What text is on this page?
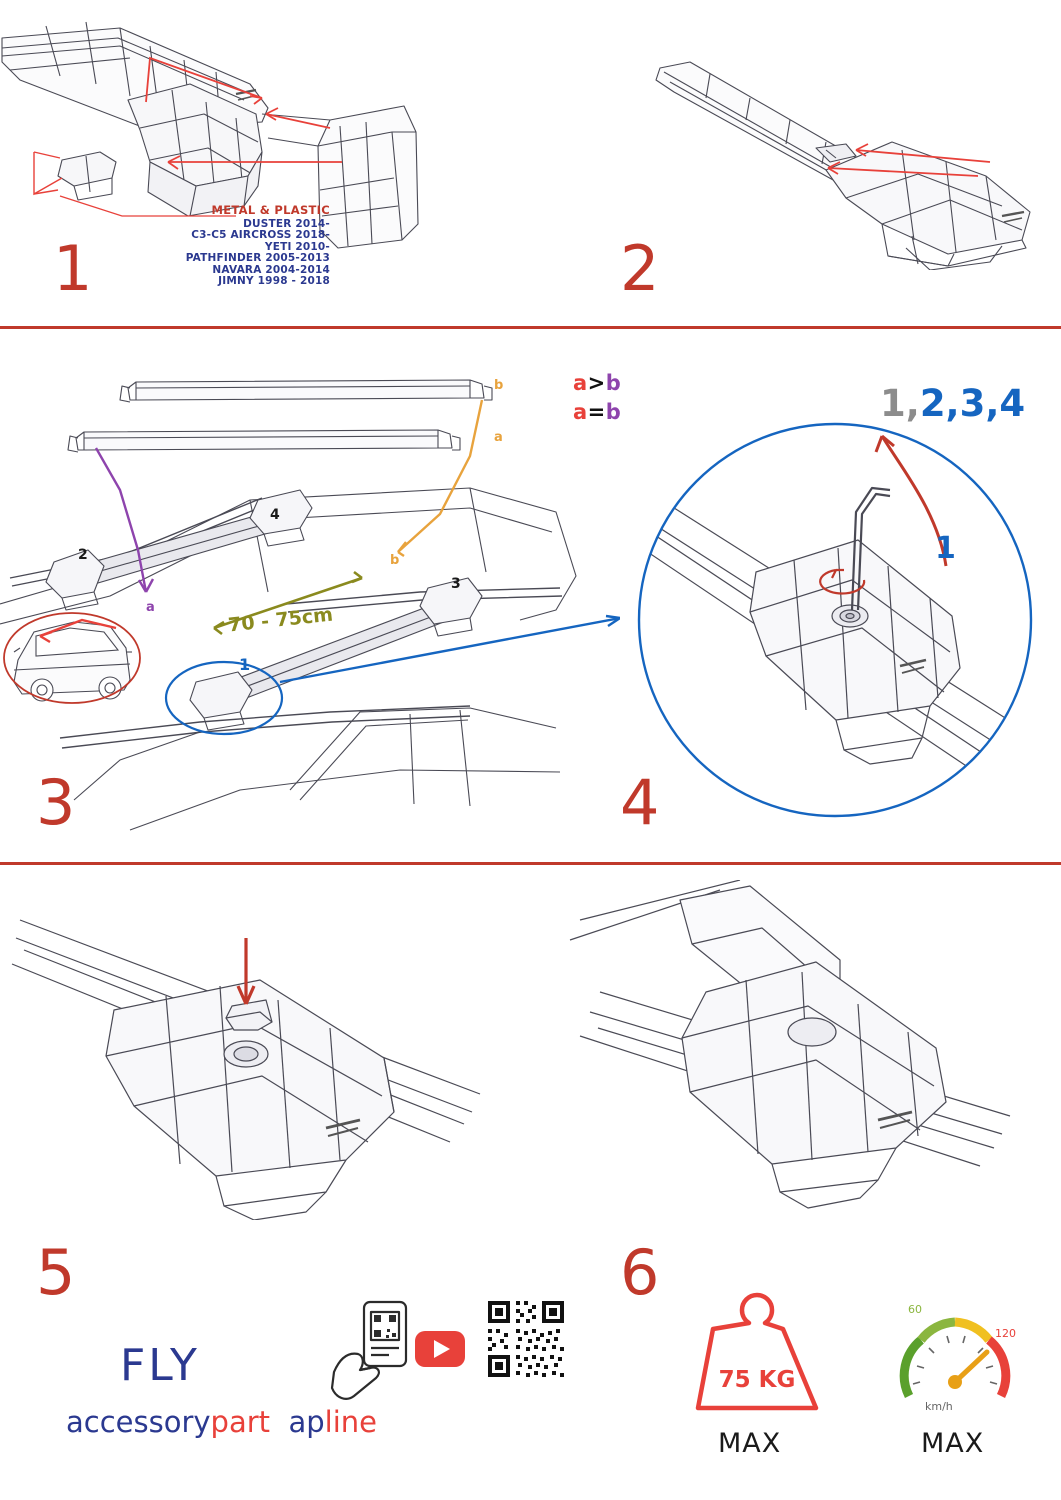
METAL & PLASTIC
DUSTER 2014-
C3-C5 AIRCROSS 2018-
YETI 2010-
PATHFINDER 2005-2013
NAVARA 2004-2014
JIMNY 1998 - 2018
1	2
a>b
a=b
b
a
b
a
2
3
4
1
70 - 75cm
3
1,2,3,4
1
4
5	6
FLY
accessorypart apline
75 KG
MAX
60
120
km/h
MAX
